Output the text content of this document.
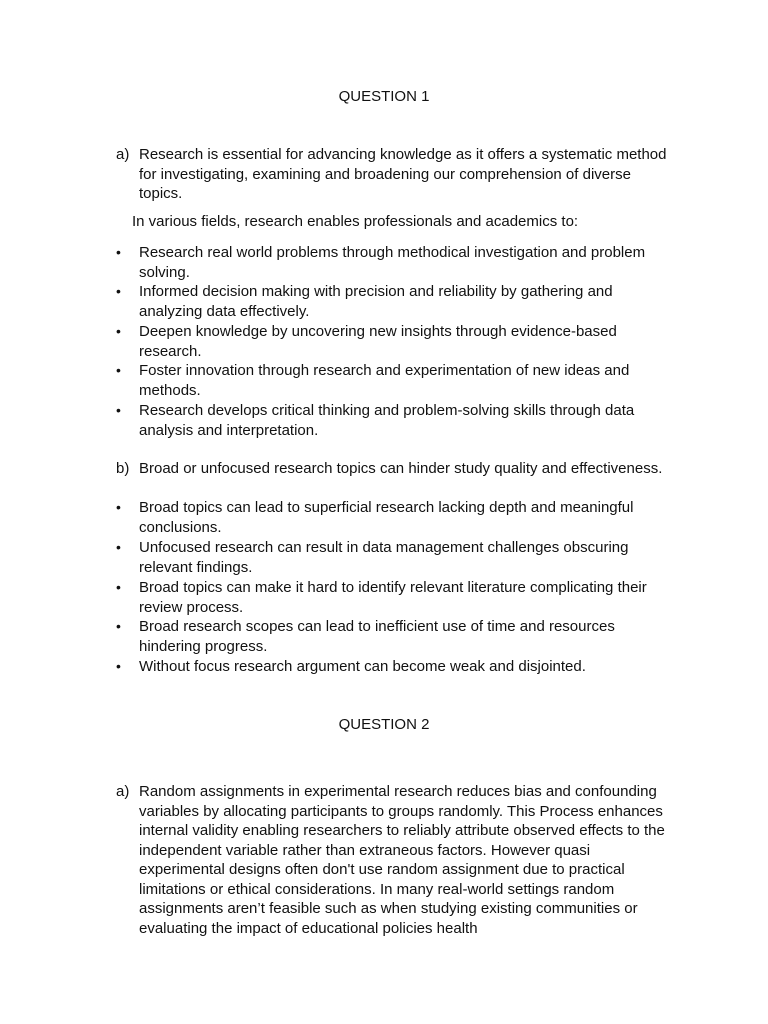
QUESTION 1
a) Research is essential for advancing knowledge as it offers a systematic method for investigating, examining and broadening our comprehension of diverse topics.
In various fields, research enables professionals and academics to:
• Research real world problems through methodical investigation and problem solving.
• Informed decision making with precision and reliability by gathering and analyzing data effectively.
• Deepen knowledge by uncovering new insights through evidence-based research.
• Foster innovation through research and experimentation of new ideas and methods.
• Research develops critical thinking and problem-solving skills through data analysis and interpretation.
b) Broad or unfocused research topics can hinder study quality and effectiveness.
• Broad topics can lead to superficial research lacking depth and meaningful conclusions.
• Unfocused research can result in data management challenges obscuring relevant findings.
• Broad topics can make it hard to identify relevant literature complicating their review process.
• Broad research scopes can lead to inefficient use of time and resources hindering progress.
• Without focus research argument can become weak and disjointed.
QUESTION 2
a) Random assignments in experimental research reduces bias and confounding variables by allocating participants to groups randomly. This Process enhances internal validity enabling researchers to reliably attribute observed effects to the independent variable rather than extraneous factors. However quasi experimental designs often don't use random assignment due to practical limitations or ethical considerations. In many real-world settings random assignments aren’t feasible such as when studying existing communities or evaluating the impact of educational policies health
